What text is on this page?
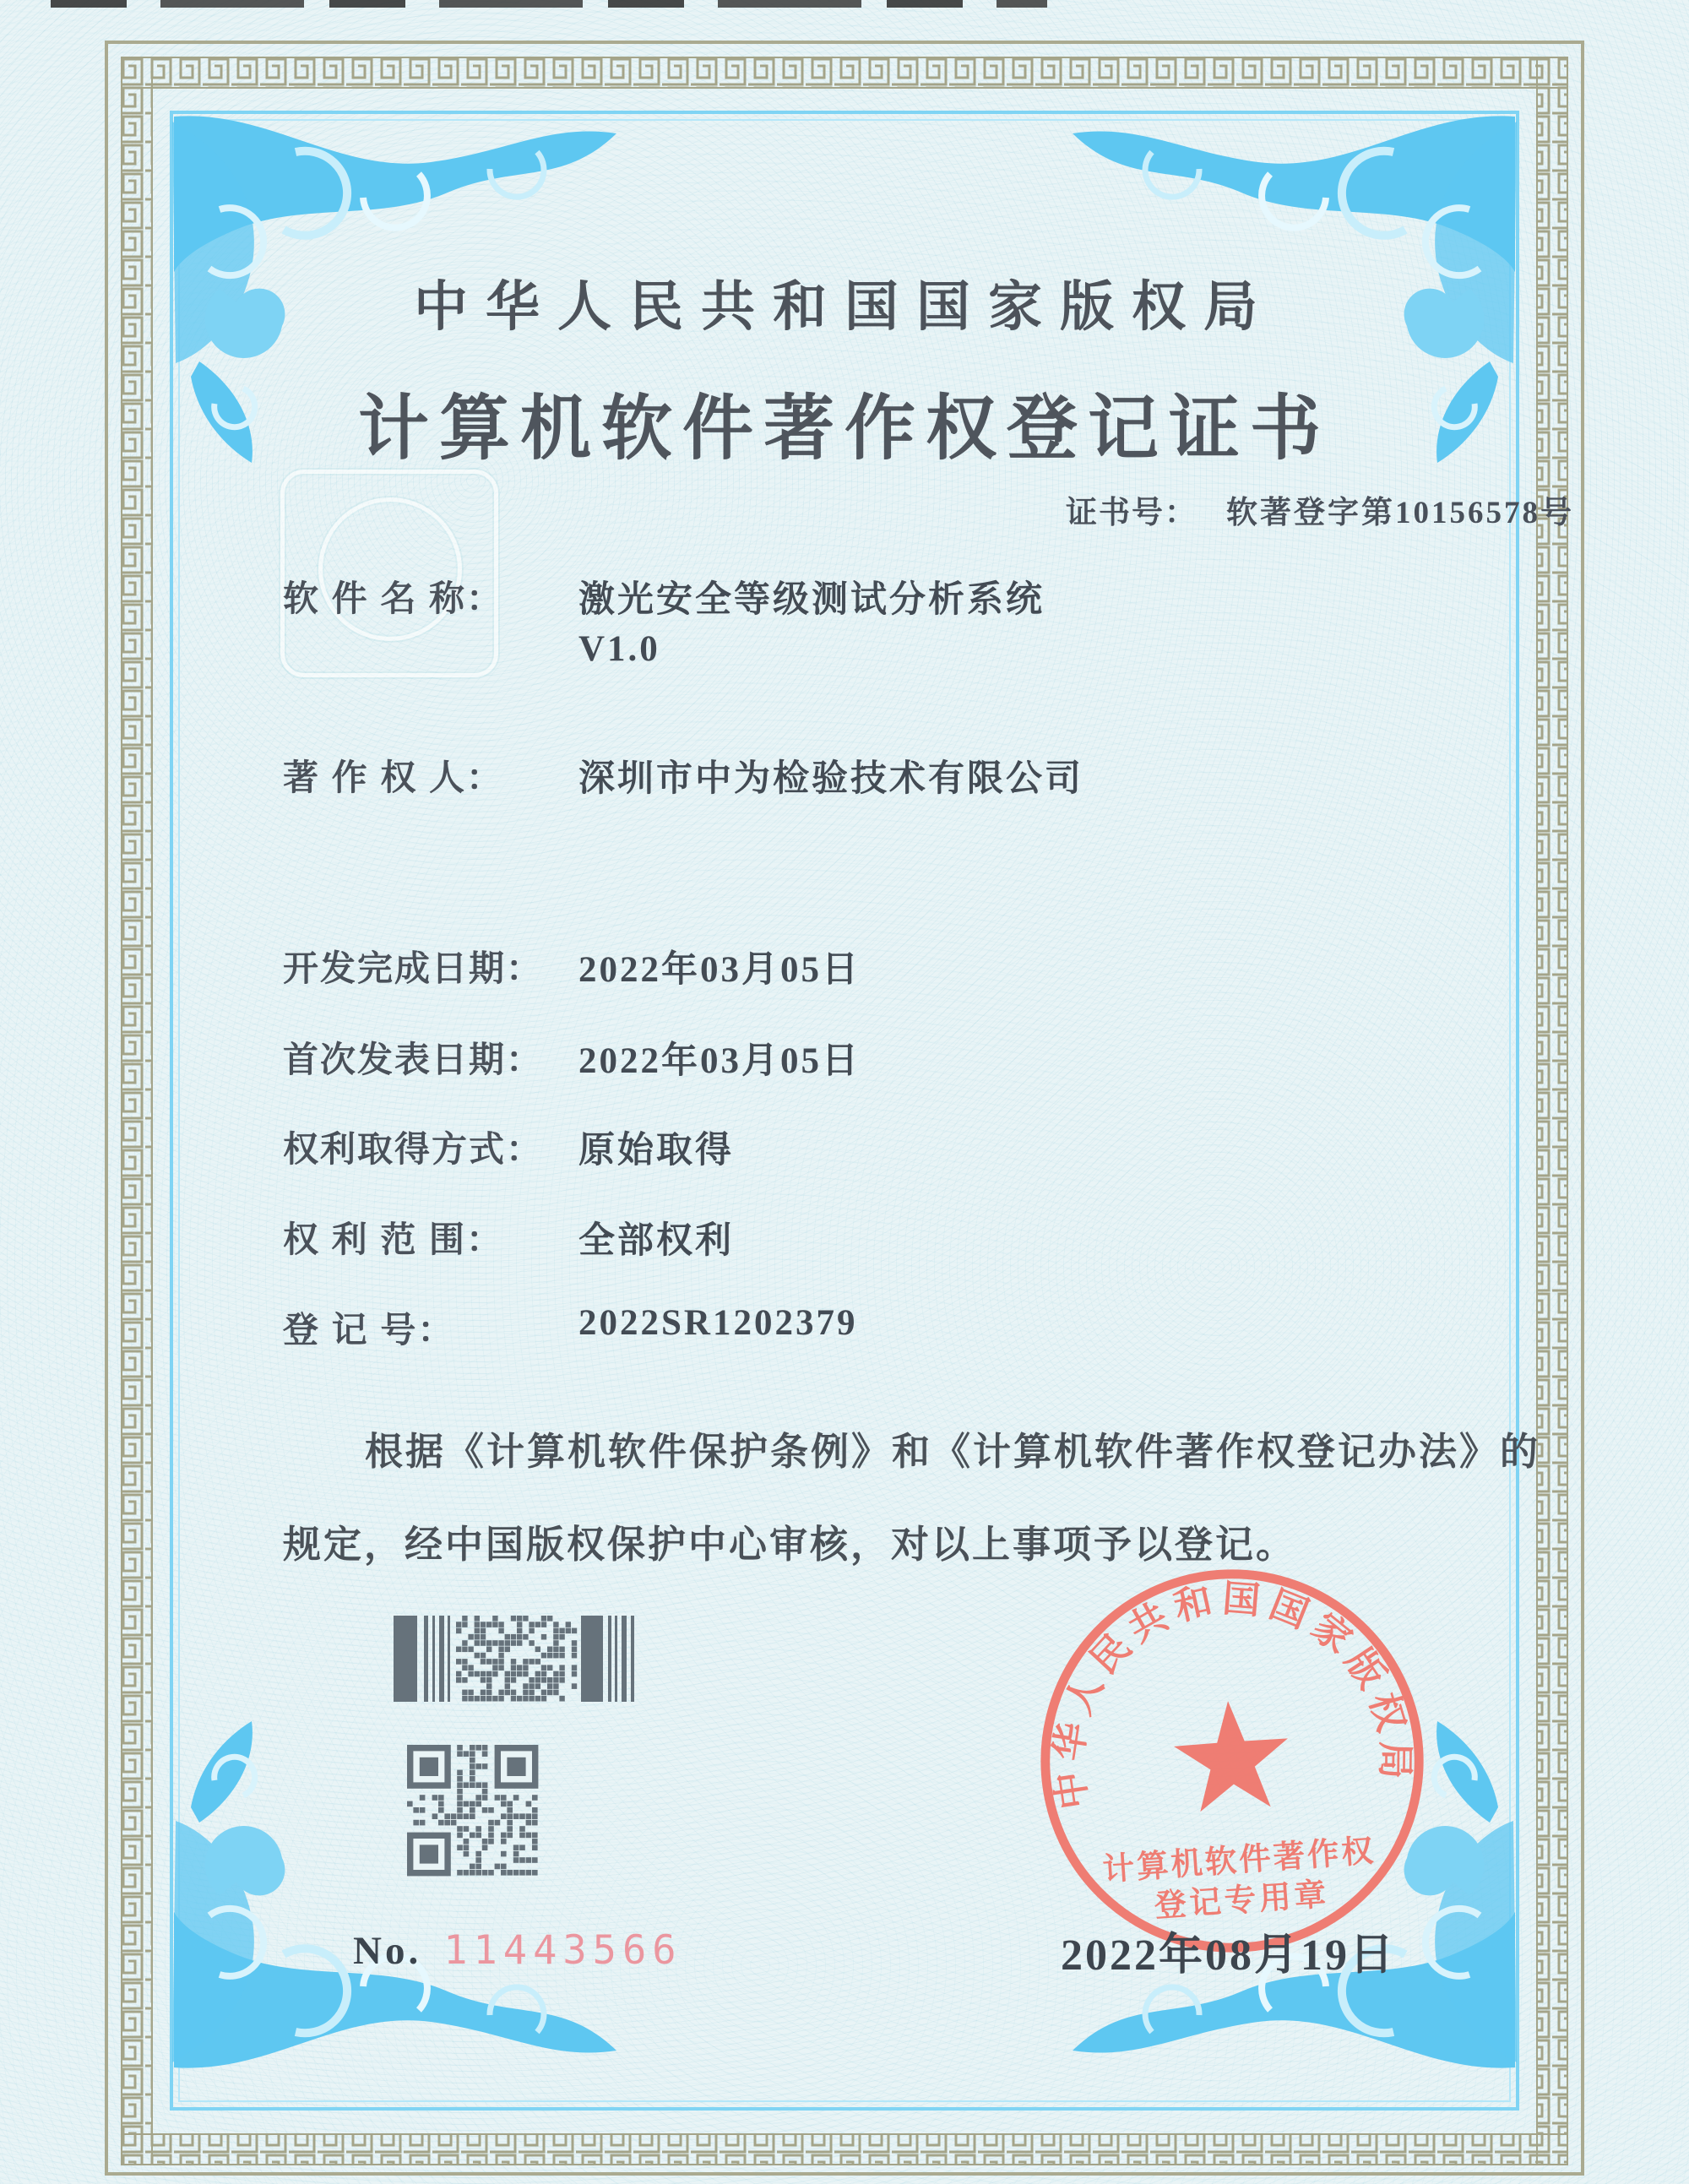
中华人民共和国国家版权局
计算机软件著作权登记证书
证书号： 软著登字第10156578号
软 件 名 称： 激光安全等级测试分析系统
V1.0
著 作 权 人： 深圳市中为检验技术有限公司
开发完成日期： 2022年03月05日
首次发表日期： 2022年03月05日
权利取得方式： 原始取得
权 利 范 围： 全部权利
登 记 号：	2022SR1202379
根据《计算机软件保护条例》和《计算机软件著作权登记办法》的
规定，经中国版权保护中心审核，对以上事项予以登记。
中华人民共和国国家版权局
计算机软件著作权
登记专用章
No. 11443566	2022年08月19日
